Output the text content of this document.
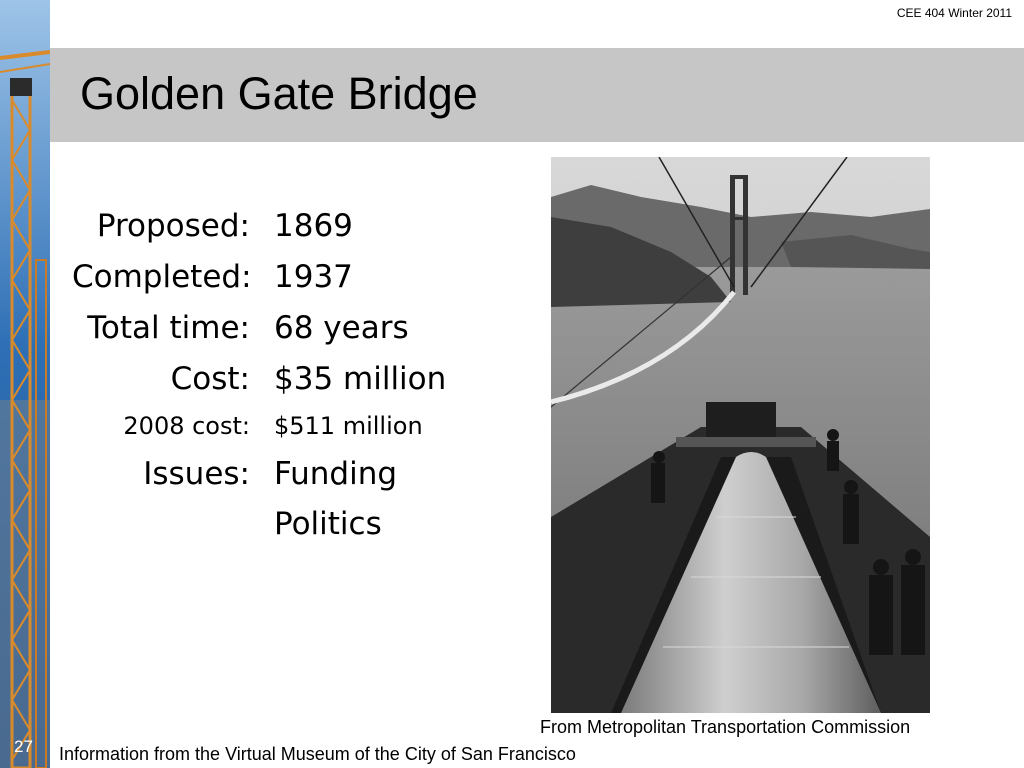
CEE 404 Winter 2011
Golden Gate Bridge
Proposed: 1869
Completed: 1937
Total time: 68 years
Cost: $35 million
2008 cost: $511 million
Issues: Funding
Politics
From Metropolitan Transportation Commission
27 Information from the Virtual Museum of the City of San Francisco
